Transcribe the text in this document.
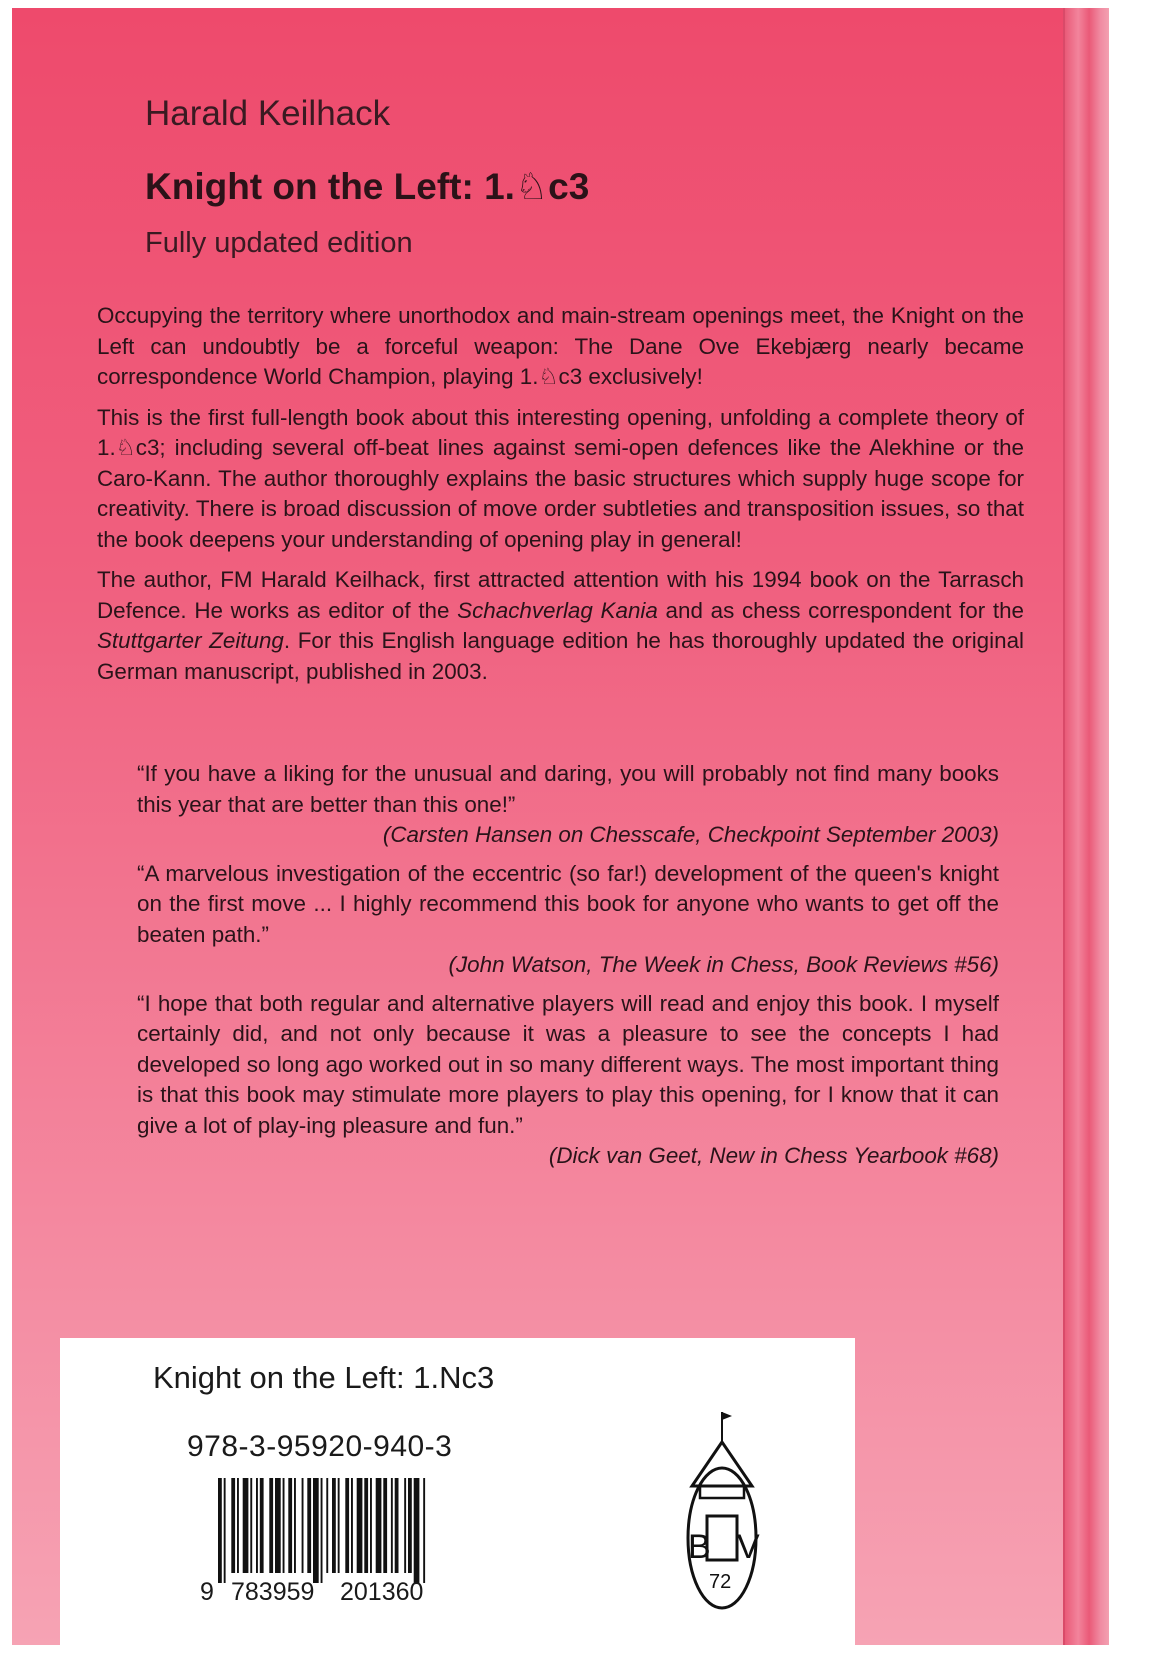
Harald Keilhack
Knight on the Left: 1.♘c3
Fully updated edition

Occupying the territory where unorthodox and main-stream openings meet, the Knight on the Left can undoubtly be a forceful weapon: The Dane Ove Ekebjærg nearly became correspondence World Champion, playing 1.♘c3 exclusively!

This is the first full-length book about this interesting opening, unfolding a complete theory of 1.♘c3; including several off-beat lines against semi-open defences like the Alekhine or the Caro-Kann. The author thoroughly explains the basic structures which supply huge scope for creativity. There is broad discussion of move order subtleties and transposition issues, so that the book deepens your understanding of opening play in general!

The author, FM Harald Keilhack, first attracted attention with his 1994 book on the Tarrasch Defence. He works as editor of the Schachverlag Kania and as chess correspondent for the Stuttgarter Zeitung. For this English language edition he has thoroughly updated the original German manuscript, published in 2003.

“If you have a liking for the unusual and daring, you will probably not find many books this year that are better than this one!”
(Carsten Hansen on Chesscafe, Checkpoint September 2003)
“A marvelous investigation of the eccentric (so far!) development of the queen's knight on the first move ... I highly recommend this book for anyone who wants to get off the beaten path.”
(John Watson, The Week in Chess, Book Reviews #56)
“I hope that both regular and alternative players will read and enjoy this book. I myself certainly did, and not only because it was a pleasure to see the concepts I had developed so long ago worked out in so many different ways. The most important thing is that this book may stimulate more players to play this opening, for I know that it can give a lot of play-ing pleasure and fun.”
(Dick van Geet, New in Chess Yearbook #68)
Knight on the Left: 1.Nc3
978-3-95920-940-3
9 783959 201360
B V
72
